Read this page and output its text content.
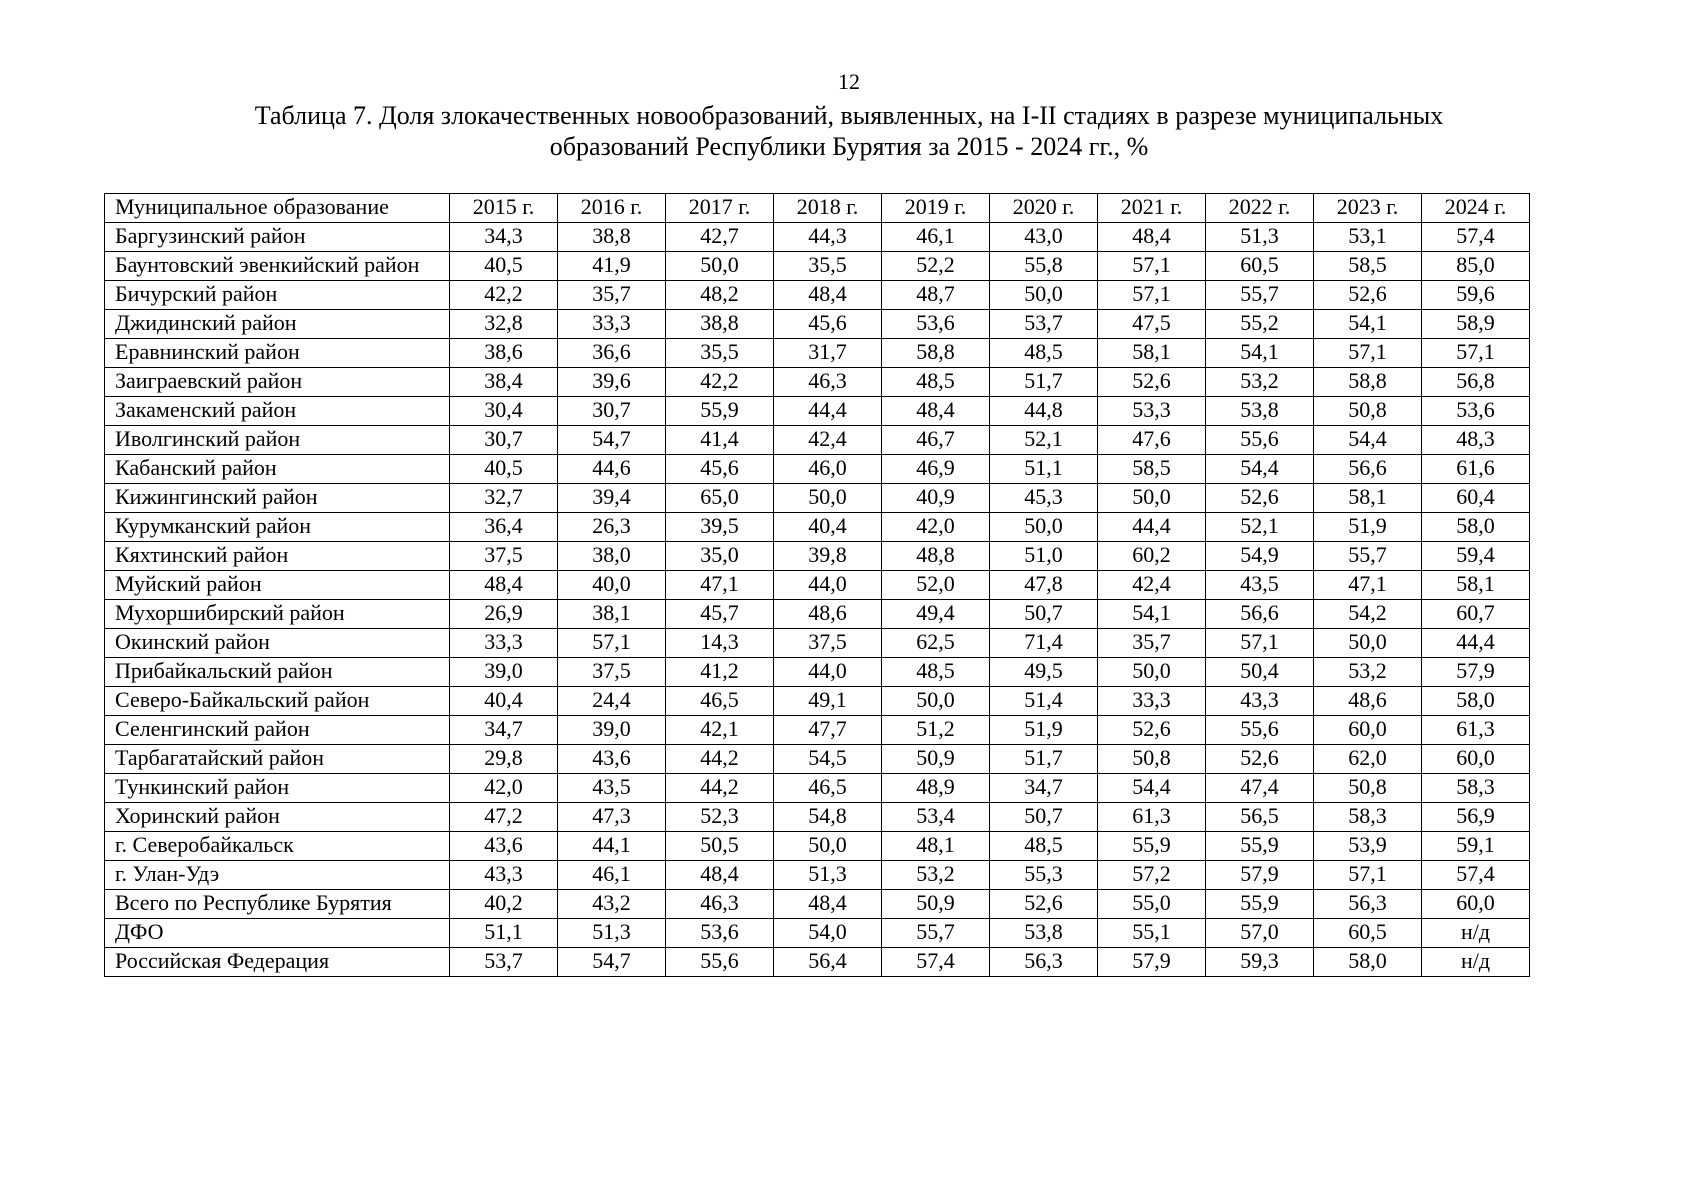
12
Таблица 7. Доля злокачественных новообразований, выявленных, на I-II стадиях в разрезе муниципальных
образований Республики Бурятия за 2015 - 2024 гг., %
Муниципальное образование	2015 г.	2016 г.	2017 г.	2018 г.	2019 г.	2020 г.	2021 г.	2022 г.	2023 г.	2024 г.
Баргузинский район	34,3	38,8	42,7	44,3	46,1	43,0	48,4	51,3	53,1	57,4
Баунтовский эвенкийский район	40,5	41,9	50,0	35,5	52,2	55,8	57,1	60,5	58,5	85,0
Бичурский район	42,2	35,7	48,2	48,4	48,7	50,0	57,1	55,7	52,6	59,6
Джидинский район	32,8	33,3	38,8	45,6	53,6	53,7	47,5	55,2	54,1	58,9
Еравнинский район	38,6	36,6	35,5	31,7	58,8	48,5	58,1	54,1	57,1	57,1
Заиграевский район	38,4	39,6	42,2	46,3	48,5	51,7	52,6	53,2	58,8	56,8
Закаменский район	30,4	30,7	55,9	44,4	48,4	44,8	53,3	53,8	50,8	53,6
Иволгинский район	30,7	54,7	41,4	42,4	46,7	52,1	47,6	55,6	54,4	48,3
Кабанский район	40,5	44,6	45,6	46,0	46,9	51,1	58,5	54,4	56,6	61,6
Кижингинский район	32,7	39,4	65,0	50,0	40,9	45,3	50,0	52,6	58,1	60,4
Курумканский район	36,4	26,3	39,5	40,4	42,0	50,0	44,4	52,1	51,9	58,0
Кяхтинский район	37,5	38,0	35,0	39,8	48,8	51,0	60,2	54,9	55,7	59,4
Муйский район	48,4	40,0	47,1	44,0	52,0	47,8	42,4	43,5	47,1	58,1
Мухоршибирский район	26,9	38,1	45,7	48,6	49,4	50,7	54,1	56,6	54,2	60,7
Окинский район	33,3	57,1	14,3	37,5	62,5	71,4	35,7	57,1	50,0	44,4
Прибайкальский район	39,0	37,5	41,2	44,0	48,5	49,5	50,0	50,4	53,2	57,9
Северо-Байкальский район	40,4	24,4	46,5	49,1	50,0	51,4	33,3	43,3	48,6	58,0
Селенгинский район	34,7	39,0	42,1	47,7	51,2	51,9	52,6	55,6	60,0	61,3
Тарбагатайский район	29,8	43,6	44,2	54,5	50,9	51,7	50,8	52,6	62,0	60,0
Тункинский район	42,0	43,5	44,2	46,5	48,9	34,7	54,4	47,4	50,8	58,3
Хоринский район	47,2	47,3	52,3	54,8	53,4	50,7	61,3	56,5	58,3	56,9
г. Северобайкальск	43,6	44,1	50,5	50,0	48,1	48,5	55,9	55,9	53,9	59,1
г. Улан-Удэ	43,3	46,1	48,4	51,3	53,2	55,3	57,2	57,9	57,1	57,4
Всего по Республике Бурятия	40,2	43,2	46,3	48,4	50,9	52,6	55,0	55,9	56,3	60,0
ДФО	51,1	51,3	53,6	54,0	55,7	53,8	55,1	57,0	60,5	н/д
Российская Федерация	53,7	54,7	55,6	56,4	57,4	56,3	57,9	59,3	58,0	н/д
